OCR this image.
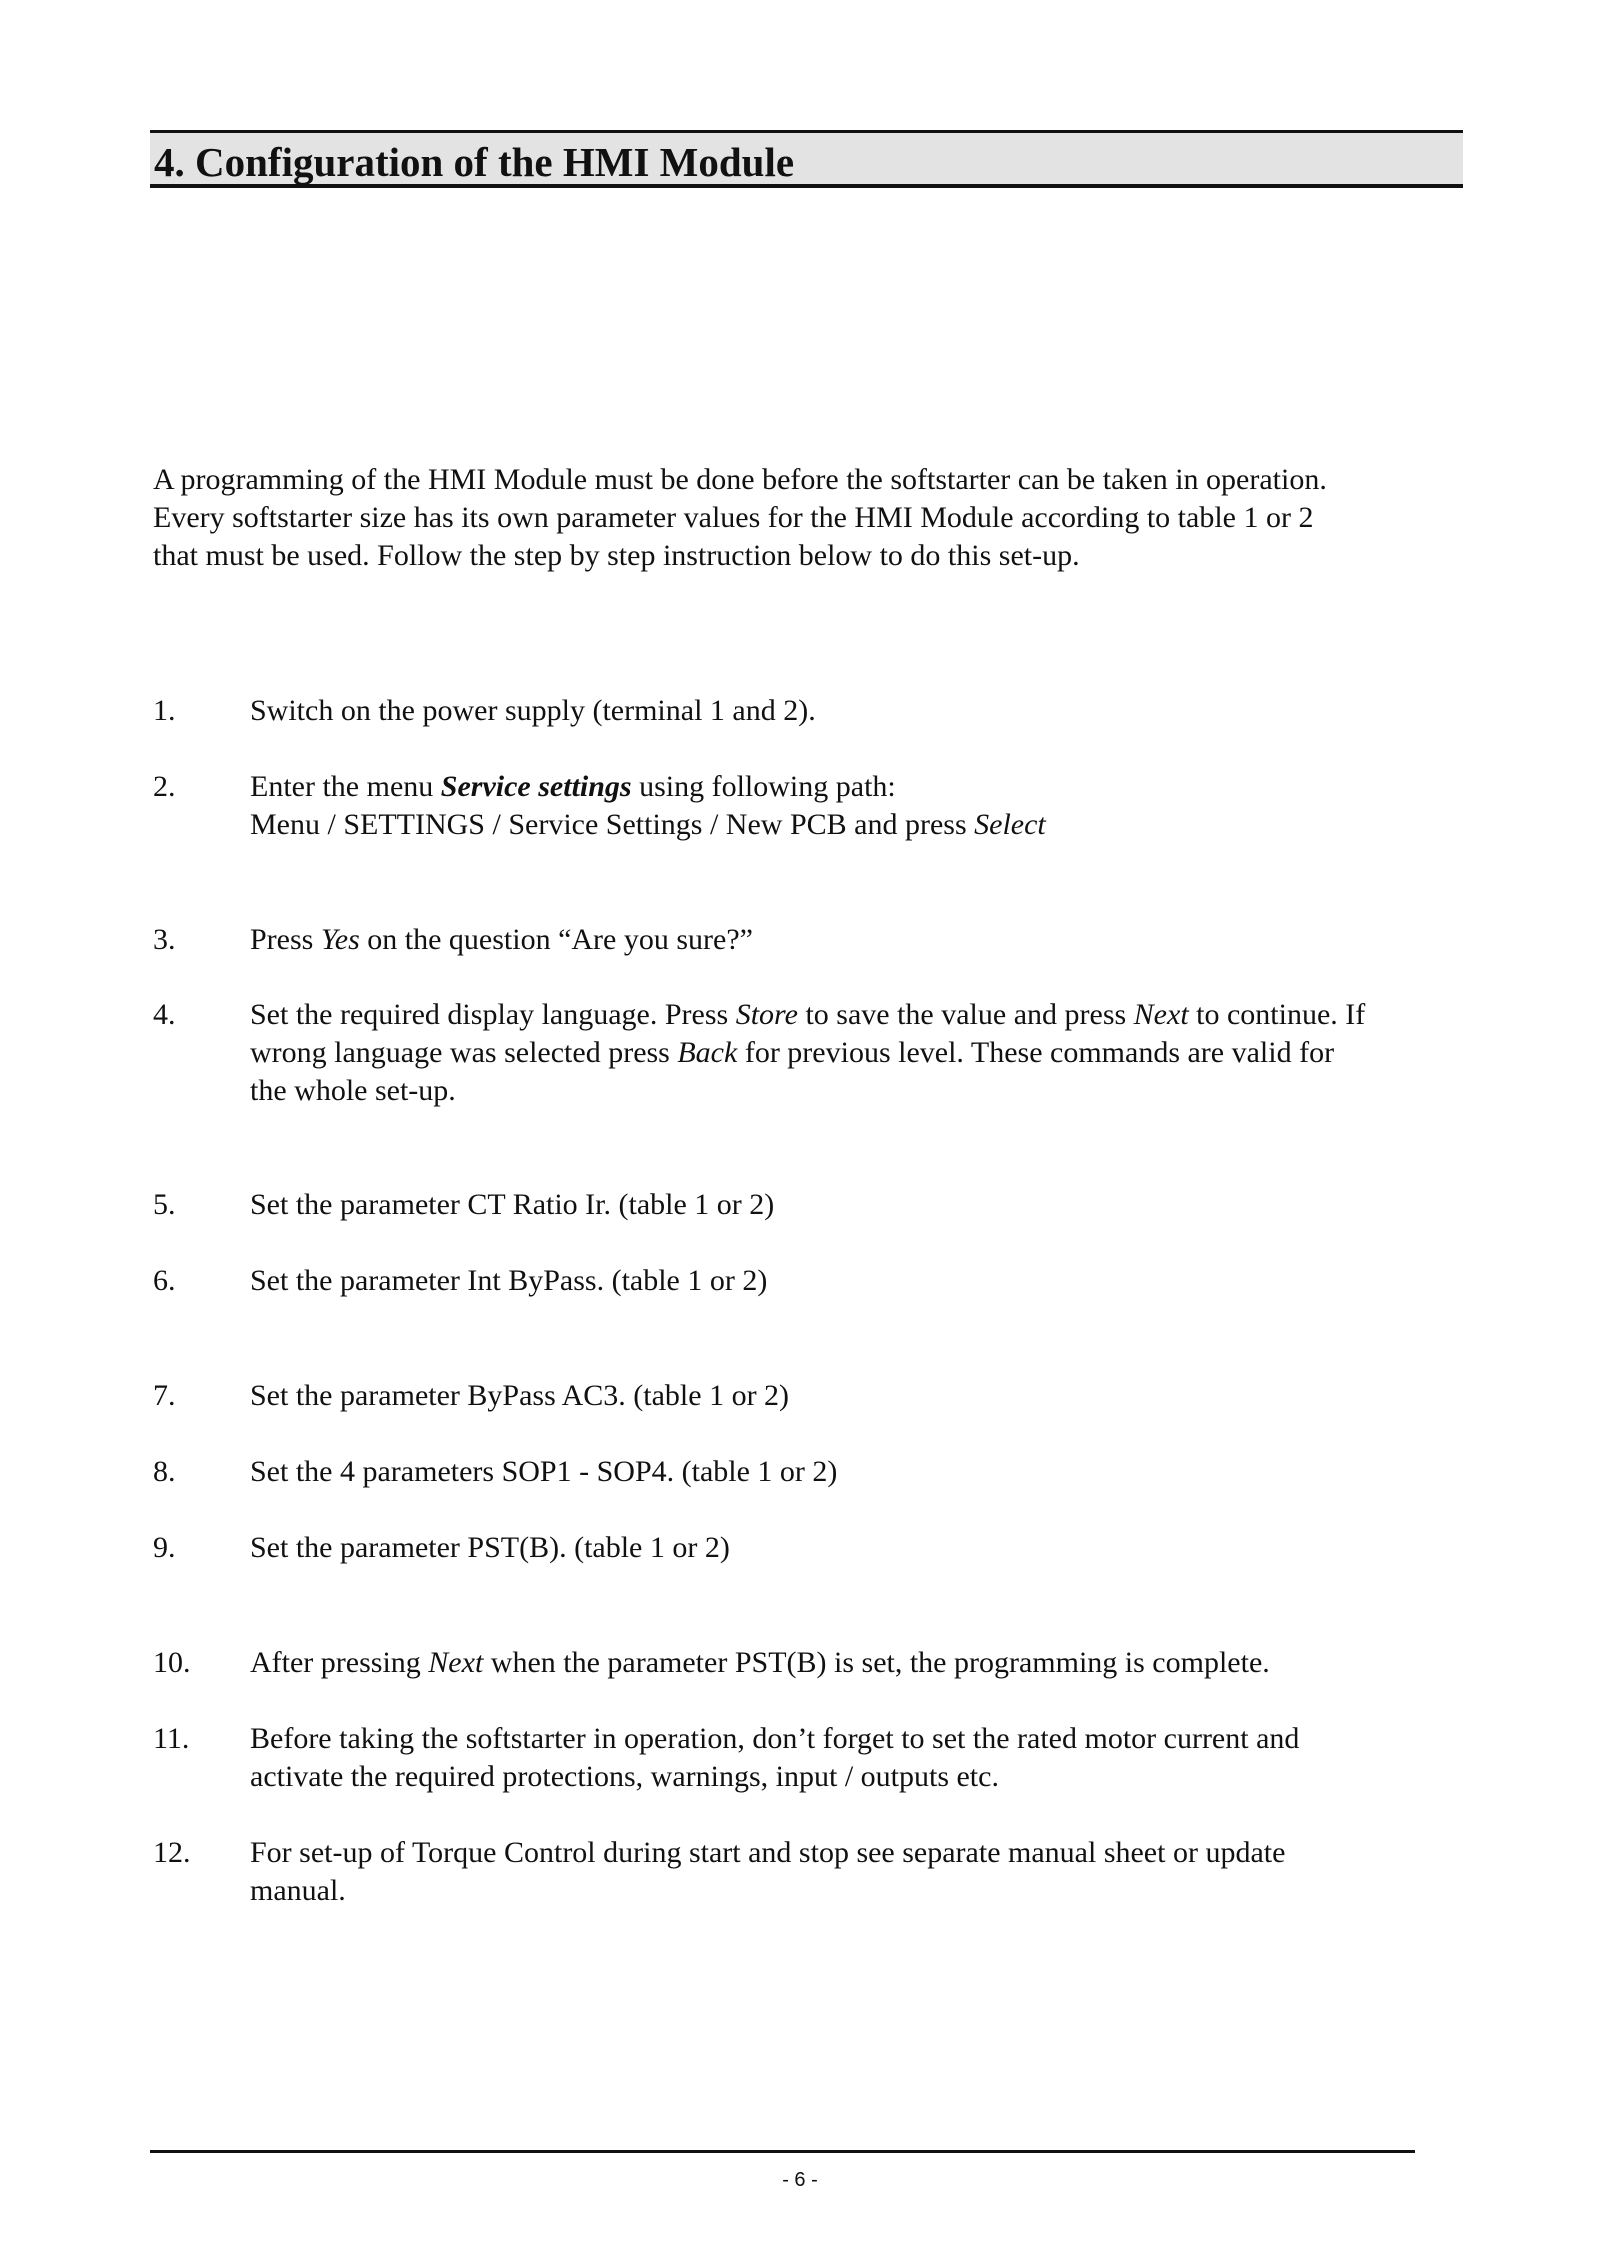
4. Configuration of the HMI Module
A programming of the HMI Module must be done before the softstarter can be taken in operation.
Every softstarter size has its own parameter values for the HMI Module according to table 1 or 2
that must be used. Follow the step by step instruction below to do this set-up.
1. Switch on the power supply (terminal 1 and 2).
2. Enter the menu Service settings using following path:
Menu / SETTINGS / Service Settings / New PCB and press Select
3. Press Yes on the question “Are you sure?”
4. Set the required display language. Press Store to save the value and press Next to continue. If
wrong language was selected press Back for previous level. These commands are valid for
the whole set-up.
5. Set the parameter CT Ratio Ir. (table 1 or 2)
6. Set the parameter Int ByPass. (table 1 or 2)
7. Set the parameter ByPass AC3. (table 1 or 2)
8. Set the 4 parameters SOP1 - SOP4. (table 1 or 2)
9. Set the parameter PST(B). (table 1 or 2)
10. After pressing Next when the parameter PST(B) is set, the programming is complete.
11. Before taking the softstarter in operation, don’t forget to set the rated motor current and
activate the required protections, warnings, input / outputs etc.
12. For set-up of Torque Control during start and stop see separate manual sheet or update
manual.
- 6 -
